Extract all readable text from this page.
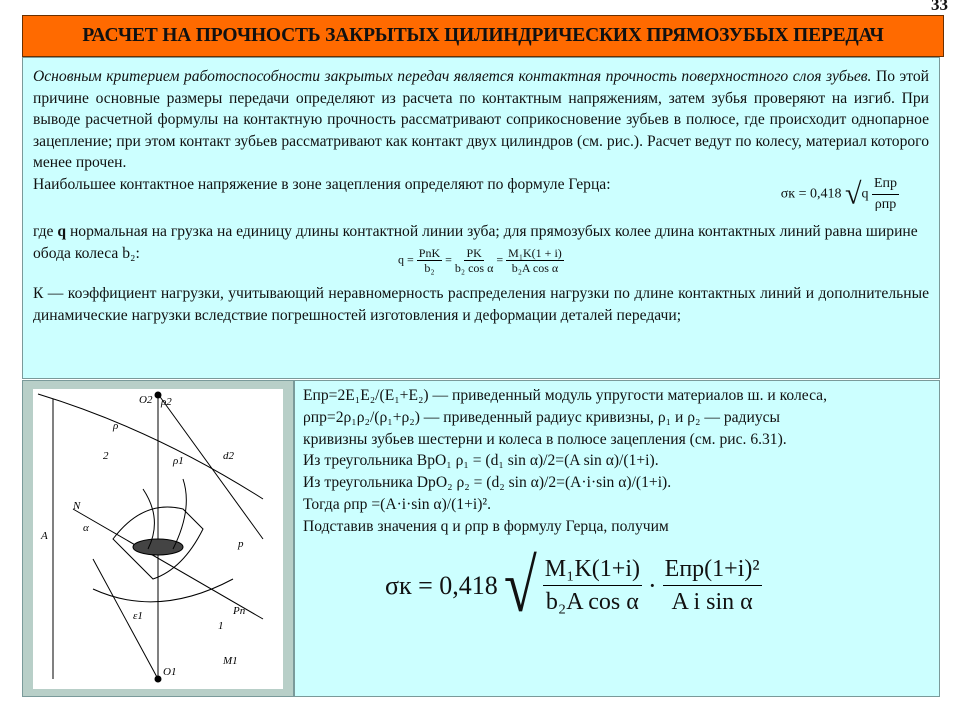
33
РАСЧЕТ НА ПРОЧНОСТЬ ЗАКРЫТЫХ ЦИЛИНДРИЧЕСКИХ ПРЯМОЗУБЫХ ПЕРЕДАЧ
Основным критерием работоспособности закрытых передач является контактная прочность поверхностного слоя зубьев. По этой причине основные размеры передачи определяют из расчета по контактным напряжениям, затем зубья проверяют на изгиб. При выводе расчетной формулы на контактную прочность рассматривают соприкосновение зубьев в полюсе, где происходит однопарное зацепление; при этом контакт зубьев рассматривают как контакт двух цилиндров (см. рис.). Расчет ведут по колесу, материал которого менее прочен.
Наибольшее контактное напряжение в зоне зацепления определяют по формуле Герца:
σк = 0,418 $√q \frac{\text{Eпр}}{\text{ρпр}}$
где q нормальная на грузка на единицу длины контактной линии зуба; для прямозубых колее длина контактных линий равна ширине обода колеса b₂:	$q = \frac{\text{PnK}}{\text{b₂}} = \frac{PK}{\text{b₂ cos α}} = \frac{\text{M₁K(1 + i)}}{\text{b₂A cos α}}$
К — коэффициент нагрузки, учитывающий неравномерность распределения нагрузки по длине контактных линий и дополнительные динамические нагрузки вследствие погрешностей изготовления и деформации деталей передачи;
ρ2
d2
ρ1
O2
O1
N
A
α
p
Pn
M1
1
2
ε1
ρ
Eпр=2E₁E₂/(E₁+E₂) — приведенный модуль упругости материалов ш. и колеса,
ρпр=2ρ₁ρ₂/(ρ₁+ρ₂) — приведенный радиус кривизны, ρ₁ и ρ₂ — радиусы
кривизны зубьев шестерни и колеса в полюсе зацепления (см. рис. 6.31).
Из треугольника BpO₁ ρ₁ = (d₁ sin α)/2=(A sin α)/(1+i).
Из треугольника DpO₂ ρ₂ = (d₂ sin α)/2=(A·i·sin α)/(1+i).
Тогда ρпр =(A·i·sin α)/(1+i)².
Подставив значения q и ρпр в формулу Герца, получим
σк = 0,418 √ $\frac{\text{M₁K(1+i)}}{\text{b₂A cos α}} \cdot \frac{\text{Eпр(1+i)²}}{\text{A i sin α}}$
